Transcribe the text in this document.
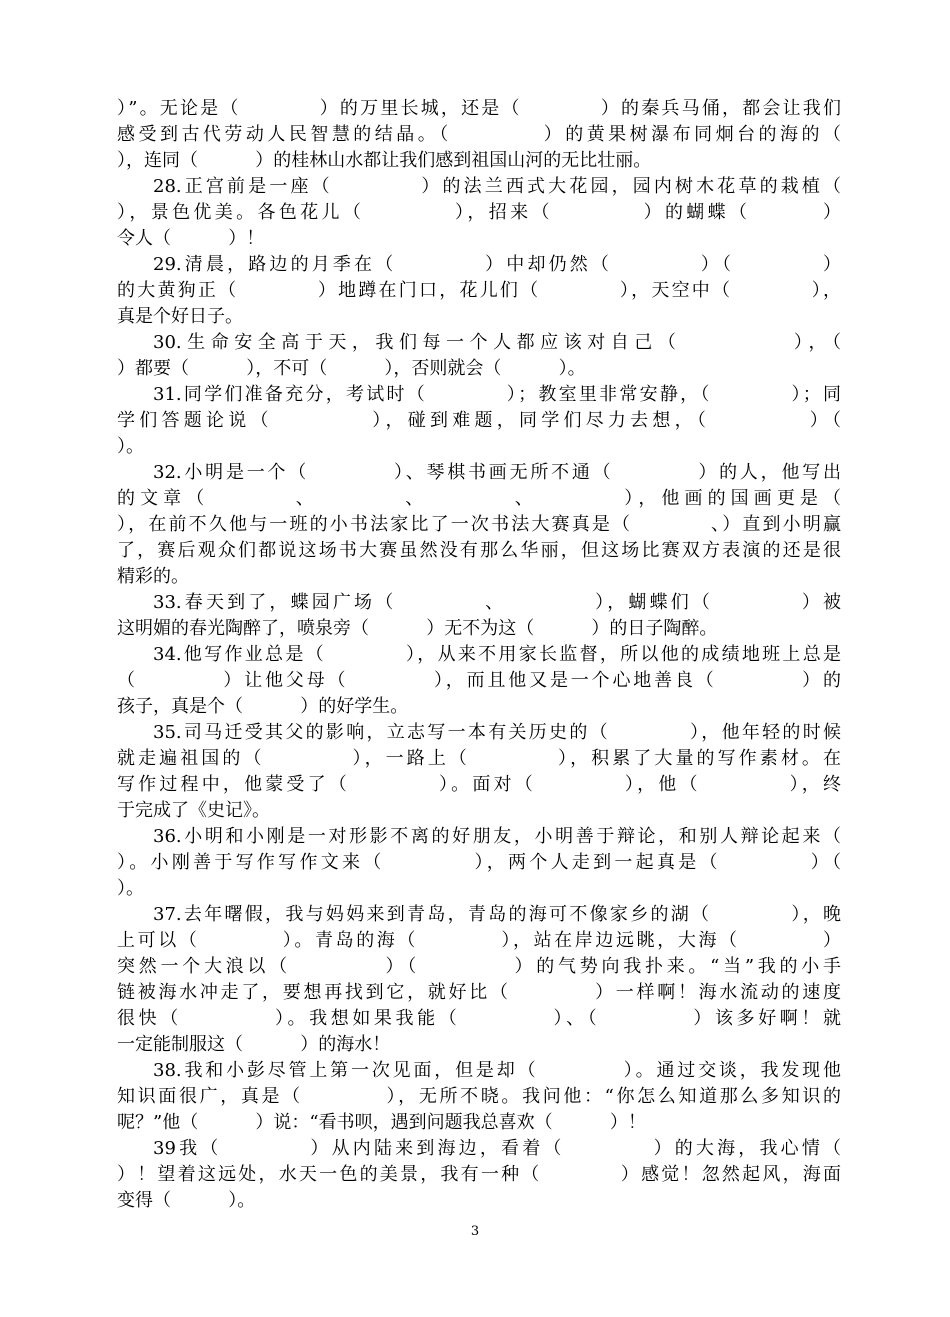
）”。无论是（          ）的万里长城，还是（          ）的秦兵马俑，都会让我们
感受到古代劳动人民智慧的结晶。（          ）的黄果树瀑布同炯台的海的（
），连同（          ）的桂林山水都让我们感到祖国山河的无比壮丽。
28.正宫前是一座（          ）的法兰西式大花园，园内树木花草的栽植（
），景色优美。各色花儿（          ），招来（          ）的蝴蝶（        ）
令人（          ）！
29.清晨，路边的月季在（          ）中却仍然（          ）（          ）
的大黄狗正（          ）地蹲在门口，花儿们（          ），天空中（          ），
真是个好日子。
30.生命安全高于天，我们每一个人都应该对自己（          ），（
）都要（          ），不可（          ），否则就会（          ）。
31.同学们准备充分，考试时（          ）；教室里非常安静，（          ）；同
学们答题论说（          ），碰到难题，同学们尽力去想，（          ）（
）。
32.小明是一个（          ）、琴棋书画无所不通（          ）的人，他写出
的文章（        、        、        、        ），他画的国画更是（
），在前不久他与一班的小书法家比了一次书法大赛真是（          、）直到小明赢
了，赛后观众们都说这场书大赛虽然没有那么华丽，但这场比赛双方表演的还是很
精彩的。
33.春天到了，蝶园广场（          、          ），蝴蝶们（          ）被
这明媚的春光陶醉了，喷泉旁（          ）无不为这（          ）的日子陶醉。
34.他写作业总是（          ），从来不用家长监督，所以他的成绩地班上总是
（          ）让他父母（          ），而且他又是一个心地善良（          ）的
孩子，真是个（          ）的好学生。
35.司马迁受其父的影响，立志写一本有关历史的（          ），他年轻的时候
就走遍祖国的（          ），一路上（          ），积累了大量的写作素材。在
写作过程中，他蒙受了（          ）。面对（          ），他（          ），终
于完成了《史记》。
36.小明和小刚是一对形影不离的好朋友，小明善于辩论，和别人辩论起来（
）。小刚善于写作写作文来（          ），两个人走到一起真是（          ）（
）。
37.去年曙假，我与妈妈来到青岛，青岛的海可不像家乡的湖（          ），晚
上可以（          ）。青岛的海（          ），站在岸边远眺，大海（          ）
突然一个大浪以（          ）（          ）的气势向我扑来。“当”我的小手
链被海水冲走了，要想再找到它，就好比（          ）一样啊！海水流动的速度
很快（          ）。我想如果我能（          ）、（          ）该多好啊！就
一定能制服这（          ）的海水！
38.我和小彭尽管上第一次见面，但是却（          ）。通过交谈，我发现他
知识面很广，真是（          ），无所不晓。我问他：“你怎么知道那么多知识的
呢？”他（          ）说：“看书呗，遇到问题我总喜欢（          ）！
39我（          ）从内陆来到海边，看着（          ）的大海，我心情（
）！望着这远处，水天一色的美景，我有一种（          ）感觉！忽然起风，海面
变得（          ）。
3
